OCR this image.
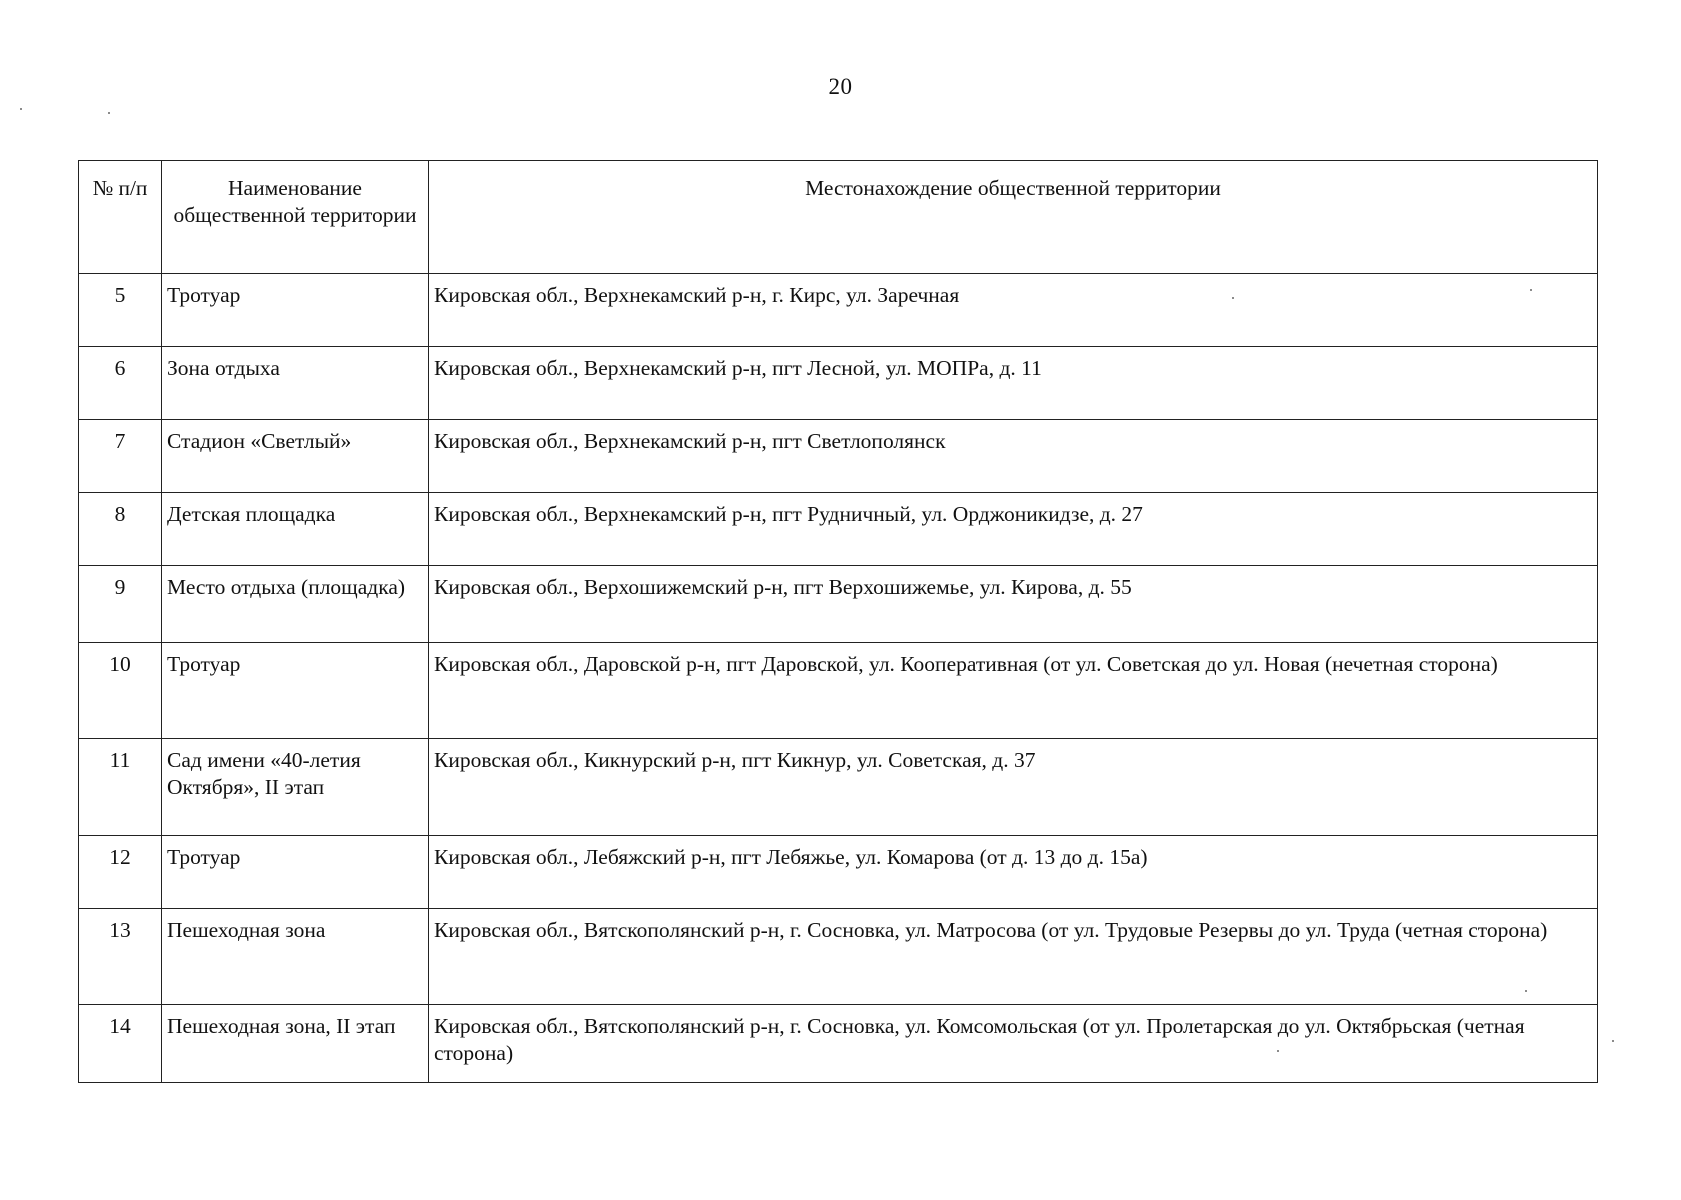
20
№ п/п	Наименование общественной территории	Местонахождение общественной территории
5	Тротуар	Кировская обл., Верхнекамский р-н, г. Кирс, ул. Заречная
6	Зона отдыха	Кировская обл., Верхнекамский р-н, пгт Лесной, ул. МОПРа, д. 11
7	Стадион «Светлый»	Кировская обл., Верхнекамский р-н, пгт Светлополянск
8	Детская площадка	Кировская обл., Верхнекамский р-н, пгт Рудничный, ул. Орджоникидзе, д. 27
9	Место отдыха (площадка)	Кировская обл., Верхошижемский р-н, пгт Верхошижемье, ул. Кирова, д. 55
10	Тротуар	Кировская обл., Даровской р-н, пгт Даровской, ул. Кооперативная (от ул. Советская до ул. Новая (нечетная сторона)
11	Сад имени «40-летия Октября», II этап	Кировская обл., Кикнурский р-н, пгт Кикнур, ул. Советская, д. 37
12	Тротуар	Кировская обл., Лебяжский р-н, пгт Лебяжье, ул. Комарова (от д. 13 до д. 15а)
13	Пешеходная зона	Кировская обл., Вятскополянский р-н, г. Сосновка, ул. Матросова (от ул. Трудовые Резервы до ул. Труда (четная сторона)
14	Пешеходная зона, II этап	Кировская обл., Вятскополянский р-н, г. Сосновка, ул. Комсомольская (от ул. Пролетарская до ул. Октябрьская (четная сторона)
